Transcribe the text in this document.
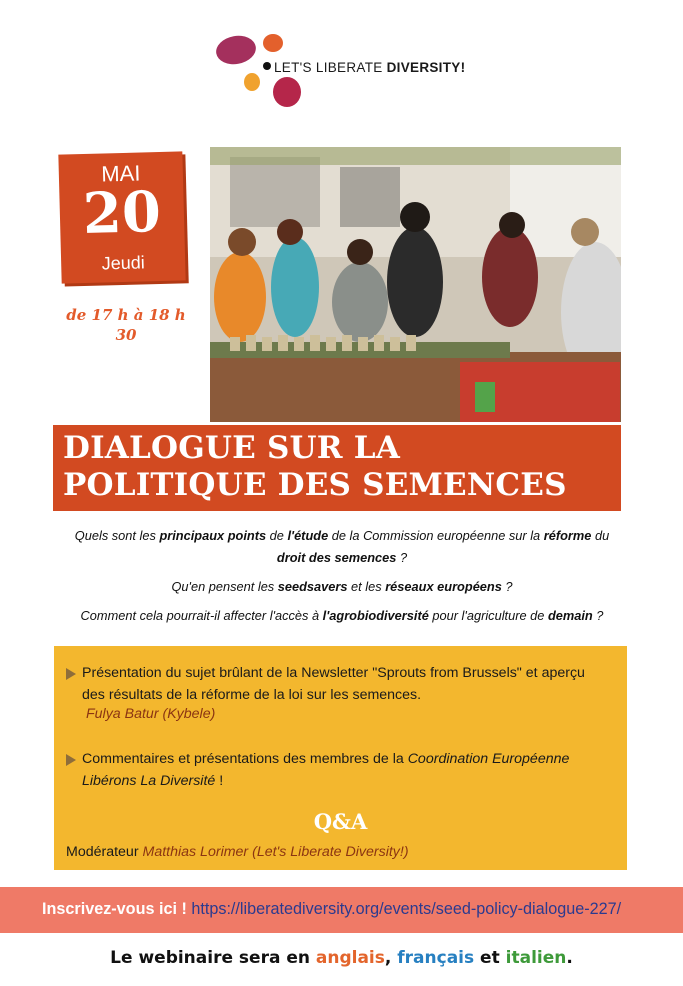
LET'S LIBERATE DIVERSITY!
MAI
20
Jeudi
de 17 h à 18 h 30
DIALOGUE SUR LA
POLITIQUE DES SEMENCES
Quels sont les principaux points de l'étude de la Commission européenne sur la réforme du
droit des semences ?
Qu'en pensent les seedsavers et les réseaux européens ?
Comment cela pourrait-il affecter l'accès à l'agrobiodiversité pour l'agriculture de demain ?
Présentation du sujet brûlant de la Newsletter "Sprouts from Brussels" et aperçu des résultats de la réforme de la loi sur les semences.
Fulya Batur (Kybele)
Commentaires et présentations des membres de la Coordination Européenne Libérons La Diversité !
Q&A
Modérateur Matthias Lorimer (Let's Liberate Diversity!)
Inscrivez-vous ici ! https://liberatediversity.org/events/seed-policy-dialogue-227/
Le webinaire sera en anglais, français et italien.
